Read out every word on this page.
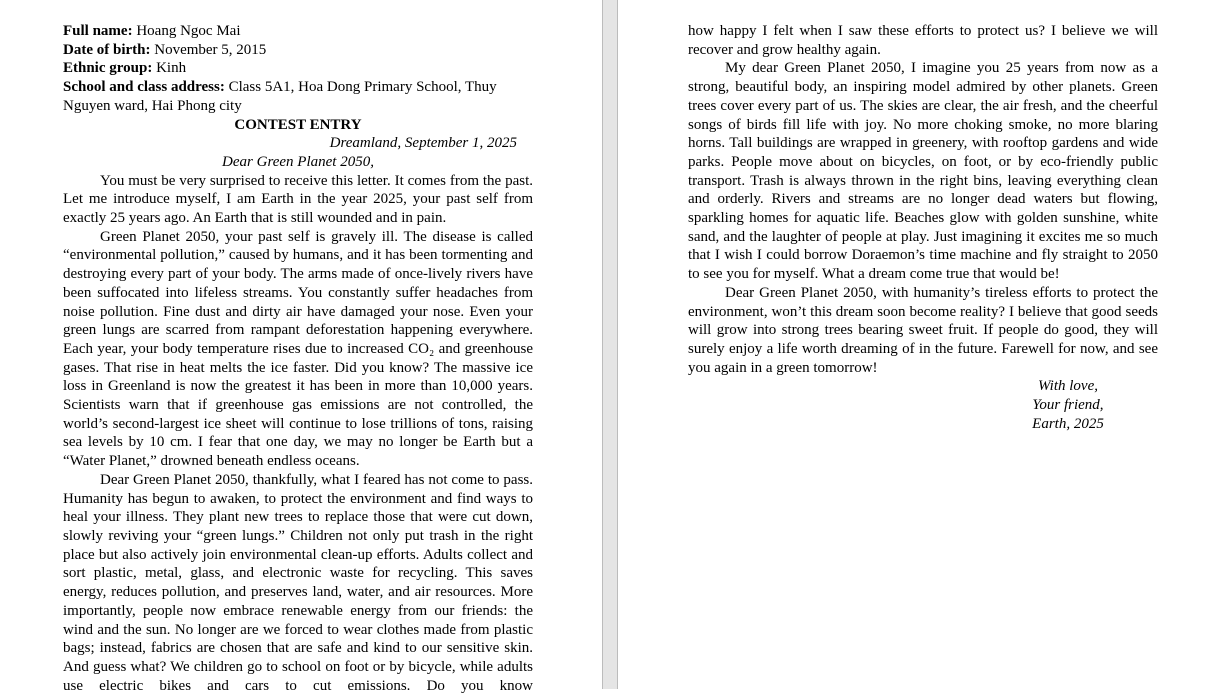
Full name: Hoang Ngoc Mai
Date of birth: November 5, 2015
Ethnic group: Kinh
School and class address: Class 5A1, Hoa Dong Primary School, Thuy Nguyen ward, Hai Phong city
CONTEST ENTRY
Dreamland, September 1, 2025
Dear Green Planet 2050,

You must be very surprised to receive this letter. It comes from the past. Let me introduce myself, I am Earth in the year 2025, your past self from exactly 25 years ago. An Earth that is still wounded and in pain.

Green Planet 2050, your past self is gravely ill. The disease is called “environmental pollution,” caused by humans, and it has been tormenting and destroying every part of your body. The arms made of once-lively rivers have been suffocated into lifeless streams. You constantly suffer headaches from noise pollution. Fine dust and dirty air have damaged your nose. Even your green lungs are scarred from rampant deforestation happening everywhere. Each year, your body temperature rises due to increased CO₂ and greenhouse gases. That rise in heat melts the ice faster. Did you know? The massive ice loss in Greenland is now the greatest it has been in more than 10,000 years. Scientists warn that if greenhouse gas emissions are not controlled, the world’s second-largest ice sheet will continue to lose trillions of tons, raising sea levels by 10 cm. I fear that one day, we may no longer be Earth but a “Water Planet,” drowned beneath endless oceans.

Dear Green Planet 2050, thankfully, what I feared has not come to pass. Humanity has begun to awaken, to protect the environment and find ways to heal your illness. They plant new trees to replace those that were cut down, slowly reviving your “green lungs.” Children not only put trash in the right place but also actively join environmental clean-up efforts. Adults collect and sort plastic, metal, glass, and electronic waste for recycling. This saves energy, reduces pollution, and preserves land, water, and air resources. More importantly, people now embrace renewable energy from our friends: the wind and the sun. No longer are we forced to wear clothes made from plastic bags; instead, fabrics are chosen that are safe and kind to our sensitive skin. And guess what? We children go to school on foot or by bicycle, while adults use electric bikes and cars to cut emissions. Do you know

how happy I felt when I saw these efforts to protect us? I believe we will recover and grow healthy again.

My dear Green Planet 2050, I imagine you 25 years from now as a strong, beautiful body, an inspiring model admired by other planets. Green trees cover every part of us. The skies are clear, the air fresh, and the cheerful songs of birds fill life with joy. No more choking smoke, no more blaring horns. Tall buildings are wrapped in greenery, with rooftop gardens and wide parks. People move about on bicycles, on foot, or by eco-friendly public transport. Trash is always thrown in the right bins, leaving everything clean and orderly. Rivers and streams are no longer dead waters but flowing, sparkling homes for aquatic life. Beaches glow with golden sunshine, white sand, and the laughter of people at play. Just imagining it excites me so much that I wish I could borrow Doraemon’s time machine and fly straight to 2050 to see you for myself. What a dream come true that would be!

Dear Green Planet 2050, with humanity’s tireless efforts to protect the environment, won’t this dream soon become reality? I believe that good seeds will grow into strong trees bearing sweet fruit. If people do good, they will surely enjoy a life worth dreaming of in the future. Farewell for now, and see you again in a green tomorrow!

With love,
Your friend,
Earth, 2025
